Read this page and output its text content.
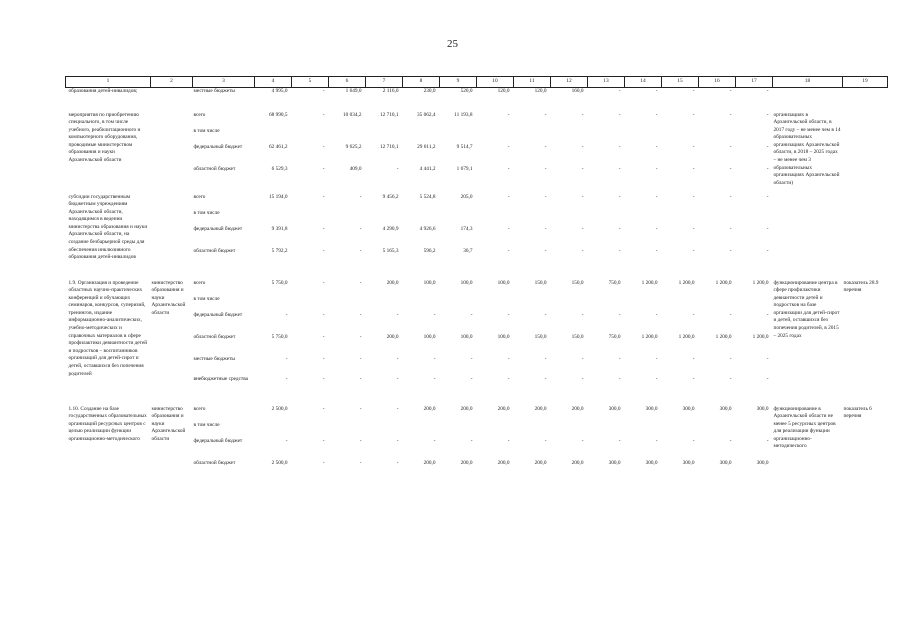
25
1	2	3	4	5	6	7	8	9	10	11	12	13	14	15	16	17	18	19
образования детей-инвалидов;		местные бюджеты	4 995,0	-	1 649,0	2 116,0	230,0	520,0	120,0	120,0	160,0	-	-	-	-	-		

мероприятия по приобретению специального, в том числе учебного, реабилитационного и компьютерного оборудования, проводимые министерством образования и науки Архангельской области		всего	68 990,5	-	10 034,2	12 710,1	35 062,4	11 193,8	-	-	-	-	-	-	-	-	организациях в Архангельской области, в 2017 году – не менее чем в 14 образовательных организациях Архангельской области, в 2018 – 2025 годах – не менее чем 3 образовательных организациях Архангельской области)	
		в том числе																
		федеральный бюджет	62 461,2	-	9 625,2	12 710,1	29 611,2	9 514,7	-	-	-	-	-	-	-	-		
		областной бюджет	6 529,3	-	409,0	-	4 441,2	1 679,1	-	-	-	-	-	-	-	-		

субсидии государственным бюджетным учреждениям Архангельской области, находящимся в ведении министерства образования и науки Архангельской области, на создание безбарьерной среды для обеспечения инклюзивного образования детей-инвалидов		всего	15 194,0	-	-	9 456,2	5 524,8	205,0	-	-	-	-	-	-	-	-		
		в том числе																
		федеральный бюджет	9 391,8	-	-	4 290,9	4 926,6	174,3	-	-	-	-	-	-	-	-		
		областной бюджет	5 792,2	-	-	5 165,3	596,2	30,7	-	-	-	-	-	-	-	-		

1.9. Организация и проведение областных научно-практических конференций и обучающих семинаров, конкурсов, суперизий, тренингов, издание информационно-аналитических, учебно-методических и справочных материалов в сфере профилактики девиантности детей и подростков – воспитанников организаций для детей-сирот и детей, оставшихся без попечения родителей	министерство образования и науки Архангельской области	всего	5 750,0	-	-	200,0	100,0	100,0	100,0	150,0	150,0	750,0	1 200,0	1 200,0	1 200,0	1 200,0	функционирование центра в сфере профилактики девиантности детей и подростков на базе организации для детей-сирот и детей, оставшихся без попечения родителей, в 2015 – 2025 годах	показатель 28.9 перечня
		в том числе																
		федеральный бюджет	-	-	-	-	-	-	-	-	-	-	-	-	-	-		
		областной бюджет	5 750,0	-	-	200,0	100,0	100,0	100,0	150,0	150,0	750,0	1 200,0	1 200,0	1 200,0	1 200,0		
		местные бюджеты	-	-	-	-	-	-	-	-	-	-	-	-	-	-		
		внебюджетные средства	-	-	-	-	-	-	-	-	-	-	-	-	-	-		

1.10. Создание на базе государственных образовательных организаций ресурсных центров с целью реализации функции организационно-методического	министерство образования и науки Архангельской области	всего	2 500,0	-	-	-	200,0	200,0	200,0	200,0	200,0	300,0	300,0	300,0	300,0	300,0	функционирование в Архангельской области не менее 5 ресурсных центров для реализации функции организационно-методического	показатель 6 перечня
		в том числе																
		федеральный бюджет	-	-	-	-	-	-	-	-	-	-	-	-	-	-		
		областной бюджет	2 500,0	-	-	-	200,0	200,0	200,0	200,0	200,0	300,0	300,0	300,0	300,0	300,0		
